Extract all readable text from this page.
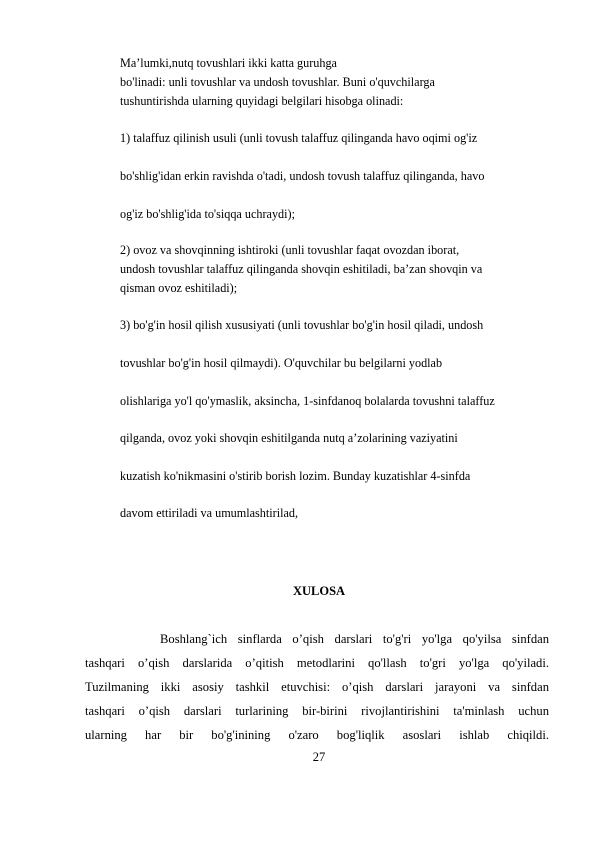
Ma’lumki,nutq tovushlari ikki katta guruhga
bo'linadi: unli tovushlar va undosh tovushlar. Buni o'quvchilarga
tushuntirishda ularning quyidagi belgilari hisobga olinadi:
1) talaffuz qilinish usuli (unli tovush talaffuz qilinganda havo oqimi og'iz
bo'shlig'idan erkin ravishda o'tadi, undosh tovush talaffuz qilinganda, havo
og'iz bo'shlig'ida to'siqqa uchraydi);
2) ovoz va shovqinning ishtiroki (unli tovushlar faqat ovozdan iborat,
undosh tovushlar talaffuz qilinganda shovqin eshitiladi, ba’zan shovqin va
qisman ovoz eshitiladi);
3) bo'g'in hosil qilish xususiyati (unli tovushlar bo'g'in hosil qiladi, undosh
tovushlar bo'g'in hosil qilmaydi). O'quvchilar bu belgilarni yodlab
olishlariga yo'l qo'ymaslik, aksincha, 1-sinfdanoq bolalarda tovushni talaffuz
qilganda, ovoz yoki shovqin eshitilganda nutq a’zolarining vaziyatini
kuzatish ko'nikmasini o'stirib borish lozim. Bunday kuzatishlar 4-sinfda
davom ettiriladi va umumlashtirilad,
XULOSA
Boshlang`ich sinflarda o’qish darslari to'g'ri yo'lga qo'yilsa sinfdan
tashqari o’qish darslarida o’qitish metodlarini qo'llash to'gri yo'lga qo'yiladi.
Tuzilmaning ikki asosiy tashkil etuvchisi: o’qish darslari jarayoni va sinfdan
tashqari o’qish darslari turlarining bir-birini rivojlantirishini ta'minlash uchun
ularning har bir bo'g'inining o'zaro bog'liqlik asoslari ishlab chiqildi.
27
